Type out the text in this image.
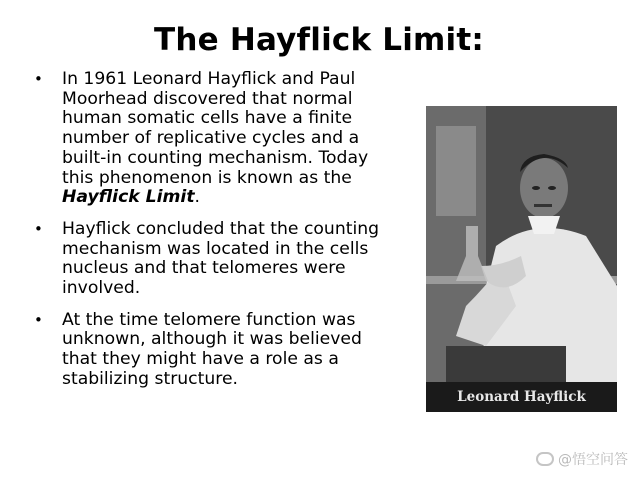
The Hayflick Limit:
• In 1961 Leonard Hayflick and Paul Moorhead discovered that normal human somatic cells have a finite number of replicative cycles and a built-in counting mechanism. Today this phenomenon is known as the Hayflick Limit.
• Hayflick concluded that the counting mechanism was located in the cells nucleus and that telomeres were involved.
• At the time telomere function was unknown, although it was believed that they might have a role as a stabilizing structure.
Leonard Hayflick
@悟空问答
